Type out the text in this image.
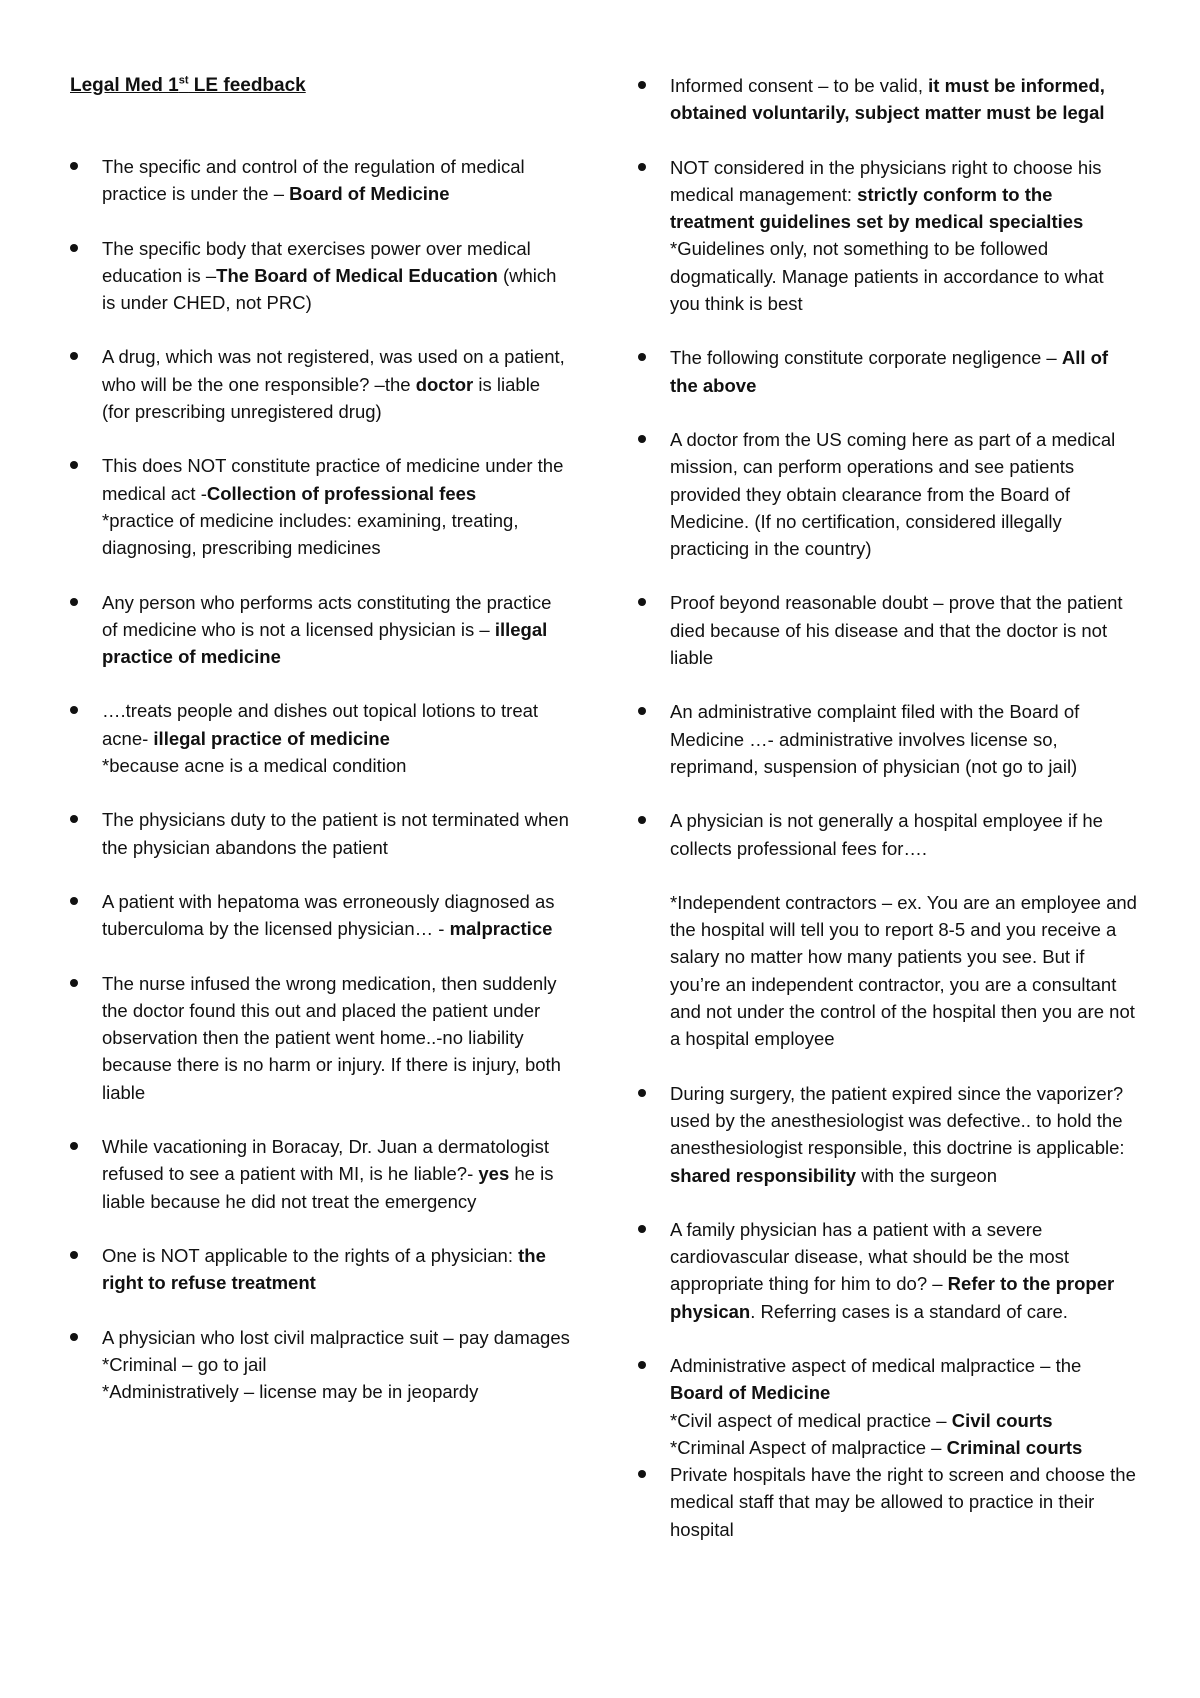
Legal Med 1st LE feedback
The specific and control of the regulation of medical practice is under the – Board of Medicine
The specific body that exercises power over medical education is –The Board of Medical Education (which is under CHED, not PRC)
A drug, which was not registered, was used on a patient, who will be the one responsible? –the doctor is liable (for prescribing unregistered drug)
This does NOT constitute practice of medicine under the medical act -Collection of professional fees
*practice of medicine includes: examining, treating, diagnosing, prescribing medicines
Any person who performs acts constituting the practice of medicine who is not a licensed physician is – illegal practice of medicine
….treats people and dishes out topical lotions to treat acne- illegal practice of medicine
*because acne is a medical condition
The physicians duty to the patient is not terminated when the physician abandons the patient
A patient with hepatoma was erroneously diagnosed as tuberculoma by the licensed physician… - malpractice
The nurse infused the wrong medication, then suddenly the doctor found this out and placed the patient under observation then the patient went home..-no liability because there is no harm or injury. If there is injury, both liable
While vacationing in Boracay, Dr. Juan a dermatologist refused to see a patient with MI, is he liable?- yes he is liable because he did not treat the emergency
One is NOT applicable to the rights of a physician: the right to refuse treatment
A physician who lost civil malpractice suit – pay damages
*Criminal – go to jail
*Administratively – license may be in jeopardy
Informed consent – to be valid, it must be informed, obtained voluntarily, subject matter must be legal
NOT considered in the physicians right to choose his medical management: strictly conform to the treatment guidelines set by medical specialties
*Guidelines only, not something to be followed dogmatically. Manage patients in accordance to what you think is best
The following constitute corporate negligence – All of the above
A doctor from the US coming here as part of a medical mission, can perform operations and see patients provided they obtain clearance from the Board of Medicine. (If no certification, considered illegally practicing in the country)
Proof beyond reasonable doubt – prove that the patient died because of his disease and that the doctor is not liable
An administrative complaint filed with the Board of Medicine …- administrative involves license so, reprimand, suspension of physician (not go to jail)
A physician is not generally a hospital employee if he collects professional fees for….
*Independent contractors – ex. You are an employee and the hospital will tell you to report 8-5 and you receive a salary no matter how many patients you see. But if you’re an independent contractor, you are a consultant and not under the control of the hospital then you are not a hospital employee
During surgery, the patient expired since the vaporizer? used by the anesthesiologist was defective.. to hold the anesthesiologist responsible, this doctrine is applicable: shared responsibility with the surgeon
A family physician has a patient with a severe cardiovascular disease, what should be the most appropriate thing for him to do? – Refer to the proper physican. Referring cases is a standard of care.
Administrative aspect of medical malpractice – the Board of Medicine
*Civil aspect of medical practice – Civil courts
*Criminal Aspect of malpractice – Criminal courts
Private hospitals have the right to screen and choose the medical staff that may be allowed to practice in their hospital
